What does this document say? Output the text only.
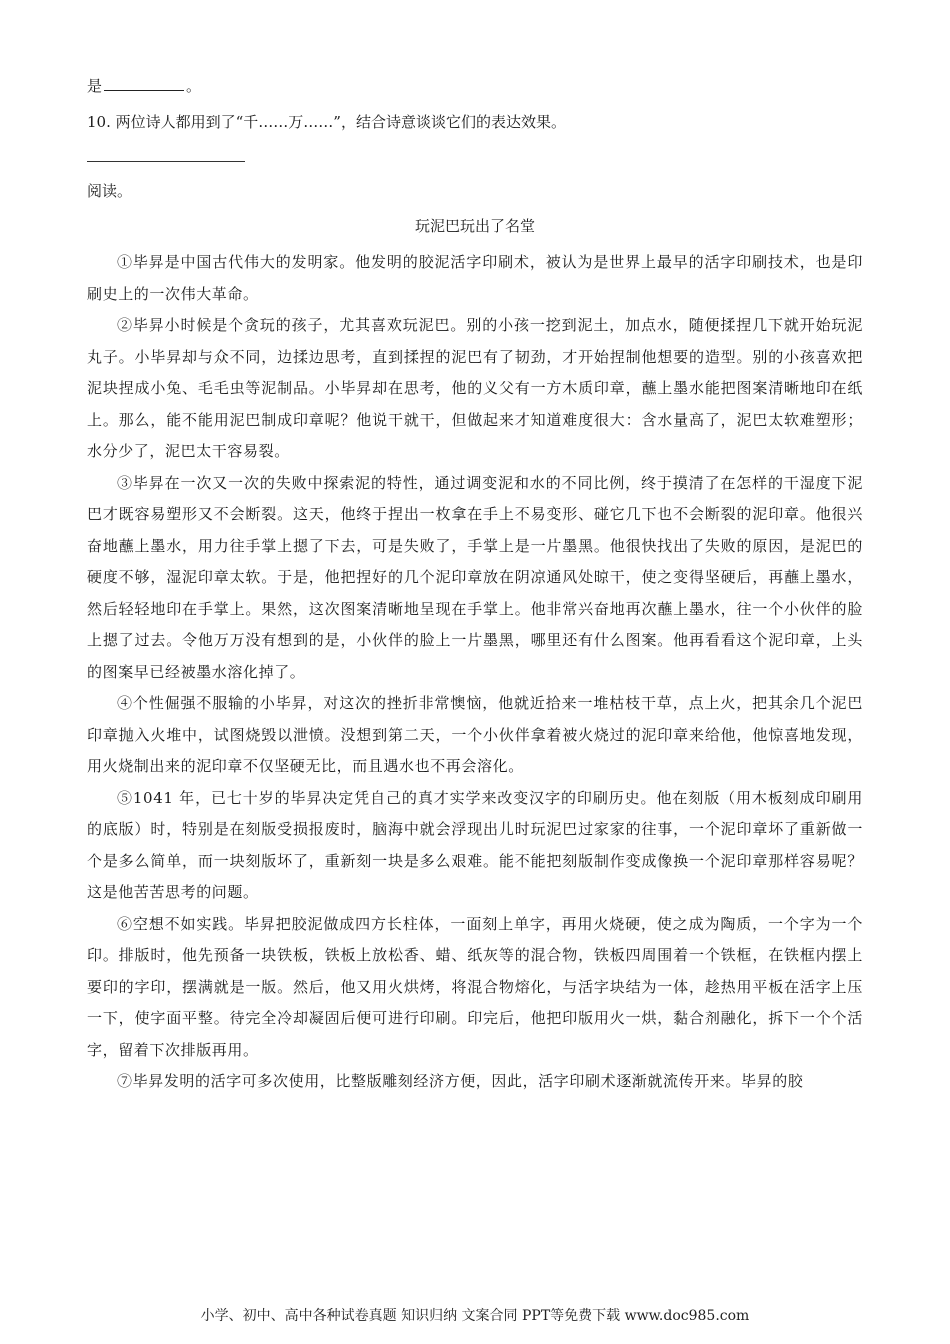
是	。
10. 两位诗人都用到了“千……万……”，结合诗意谈谈它们的表达效果。
阅读。
玩泥巴玩出了名堂

①毕昇是中国古代伟大的发明家。他发明的胶泥活字印刷术，被认为是世界上最早的活字印刷技术，也是印刷史上的一次伟大革命。

②毕昇小时候是个贪玩的孩子，尤其喜欢玩泥巴。别的小孩一挖到泥土，加点水，随便揉捏几下就开始玩泥丸子。小毕昇却与众不同，边揉边思考，直到揉捏的泥巴有了韧劲，才开始捏制他想要的造型。别的小孩喜欢把泥块捏成小兔、毛毛虫等泥制品。小毕昇却在思考，他的义父有一方木质印章，蘸上墨水能把图案清晰地印在纸上。那么，能不能用泥巴制成印章呢？他说干就干，但做起来才知道难度很大：含水量高了，泥巴太软难塑形；水分少了，泥巴太干容易裂。

③毕昇在一次又一次的失败中探索泥的特性，通过调变泥和水的不同比例，终于摸清了在怎样的干湿度下泥巴才既容易塑形又不会断裂。这天，他终于捏出一枚拿在手上不易变形、碰它几下也不会断裂的泥印章。他很兴奋地蘸上墨水，用力往手掌上摁了下去，可是失败了，手掌上是一片墨黑。他很快找出了失败的原因，是泥巴的硬度不够，湿泥印章太软。于是，他把捏好的几个泥印章放在阴凉通风处晾干，使之变得坚硬后，再蘸上墨水，然后轻轻地印在手掌上。果然，这次图案清晰地呈现在手掌上。他非常兴奋地再次蘸上墨水，往一个小伙伴的脸上摁了过去。令他万万没有想到的是，小伙伴的脸上一片墨黑，哪里还有什么图案。他再看看这个泥印章，上头的图案早已经被墨水溶化掉了。

④个性倔强不服输的小毕昇，对这次的挫折非常懊恼，他就近拾来一堆枯枝干草，点上火，把其余几个泥巴印章抛入火堆中，试图烧毁以泄愤。没想到第二天，一个小伙伴拿着被火烧过的泥印章来给他，他惊喜地发现，用火烧制出来的泥印章不仅坚硬无比，而且遇水也不再会溶化。

⑤1041 年，已七十岁的毕昇决定凭自己的真才实学来改变汉字的印刷历史。他在刻版（用木板刻成印刷用的底版）时，特别是在刻版受损报废时，脑海中就会浮现出儿时玩泥巴过家家的往事，一个泥印章坏了重新做一个是多么简单，而一块刻版坏了，重新刻一块是多么艰难。能不能把刻版制作变成像换一个泥印章那样容易呢？这是他苦苦思考的问题。

⑥空想不如实践。毕昇把胶泥做成四方长柱体，一面刻上单字，再用火烧硬，使之成为陶质，一个字为一个印。排版时，他先预备一块铁板，铁板上放松香、蜡、纸灰等的混合物，铁板四周围着一个铁框，在铁框内摆上要印的字印，摆满就是一版。然后，他又用火烘烤，将混合物熔化，与活字块结为一体，趁热用平板在活字上压一下，使字面平整。待完全冷却凝固后便可进行印刷。印完后，他把印版用火一烘，黏合剂融化，拆下一个个活字，留着下次排版再用。

⑦毕昇发明的活字可多次使用，比整版雕刻经济方便，因此，活字印刷术逐渐就流传开来。毕昇的胶

小学、初中、高中各种试卷真题 知识归纳 文案合同 PPT等免费下载 www.doc985.com
